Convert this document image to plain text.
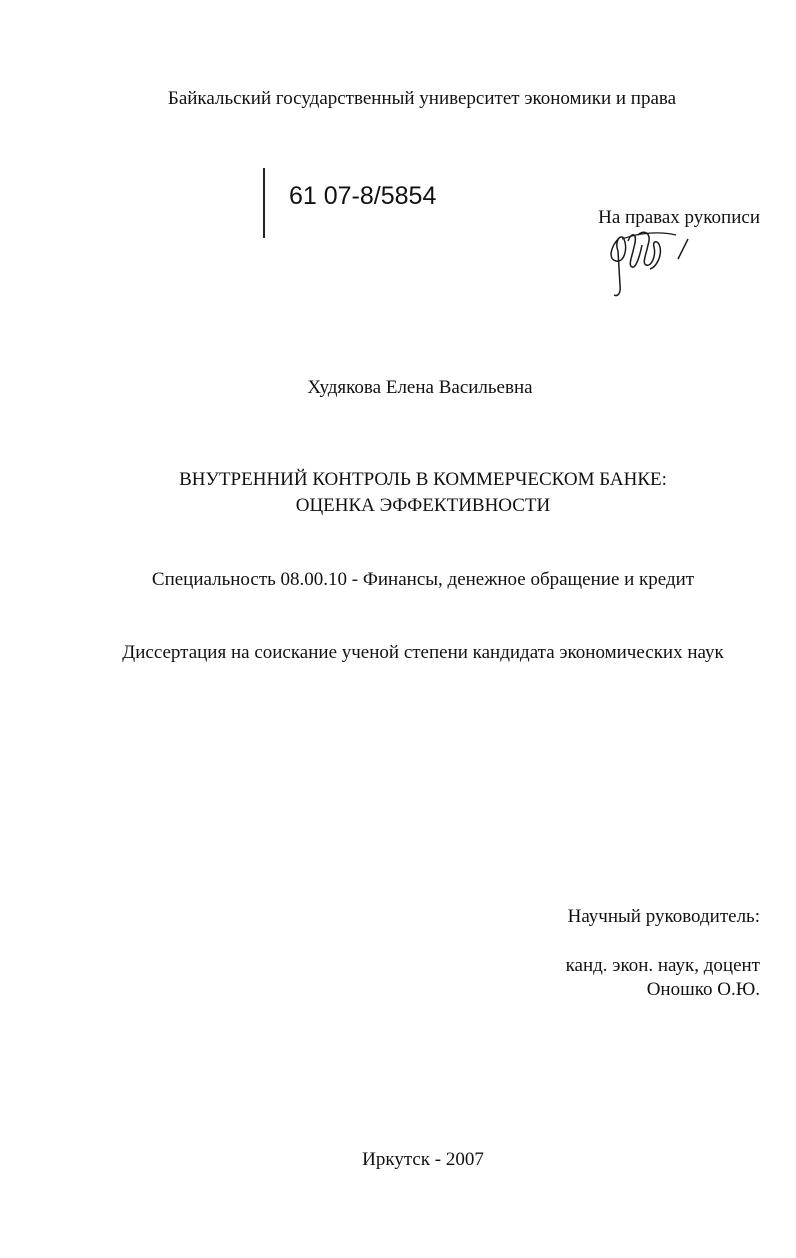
Байкальский государственный университет экономики и права
61 07-8/5854
На правах рукописи
Худякова Елена Васильевна
ВНУТРЕННИЙ КОНТРОЛЬ В КОММЕРЧЕСКОМ БАНКЕ:
ОЦЕНКА ЭФФЕКТИВНОСТИ
Специальность 08.00.10 - Финансы, денежное обращение и кредит
Диссертация на соискание ученой степени кандидата экономических наук
Научный руководитель:
канд. экон. наук, доцент
Оношко О.Ю.
Иркутск - 2007
